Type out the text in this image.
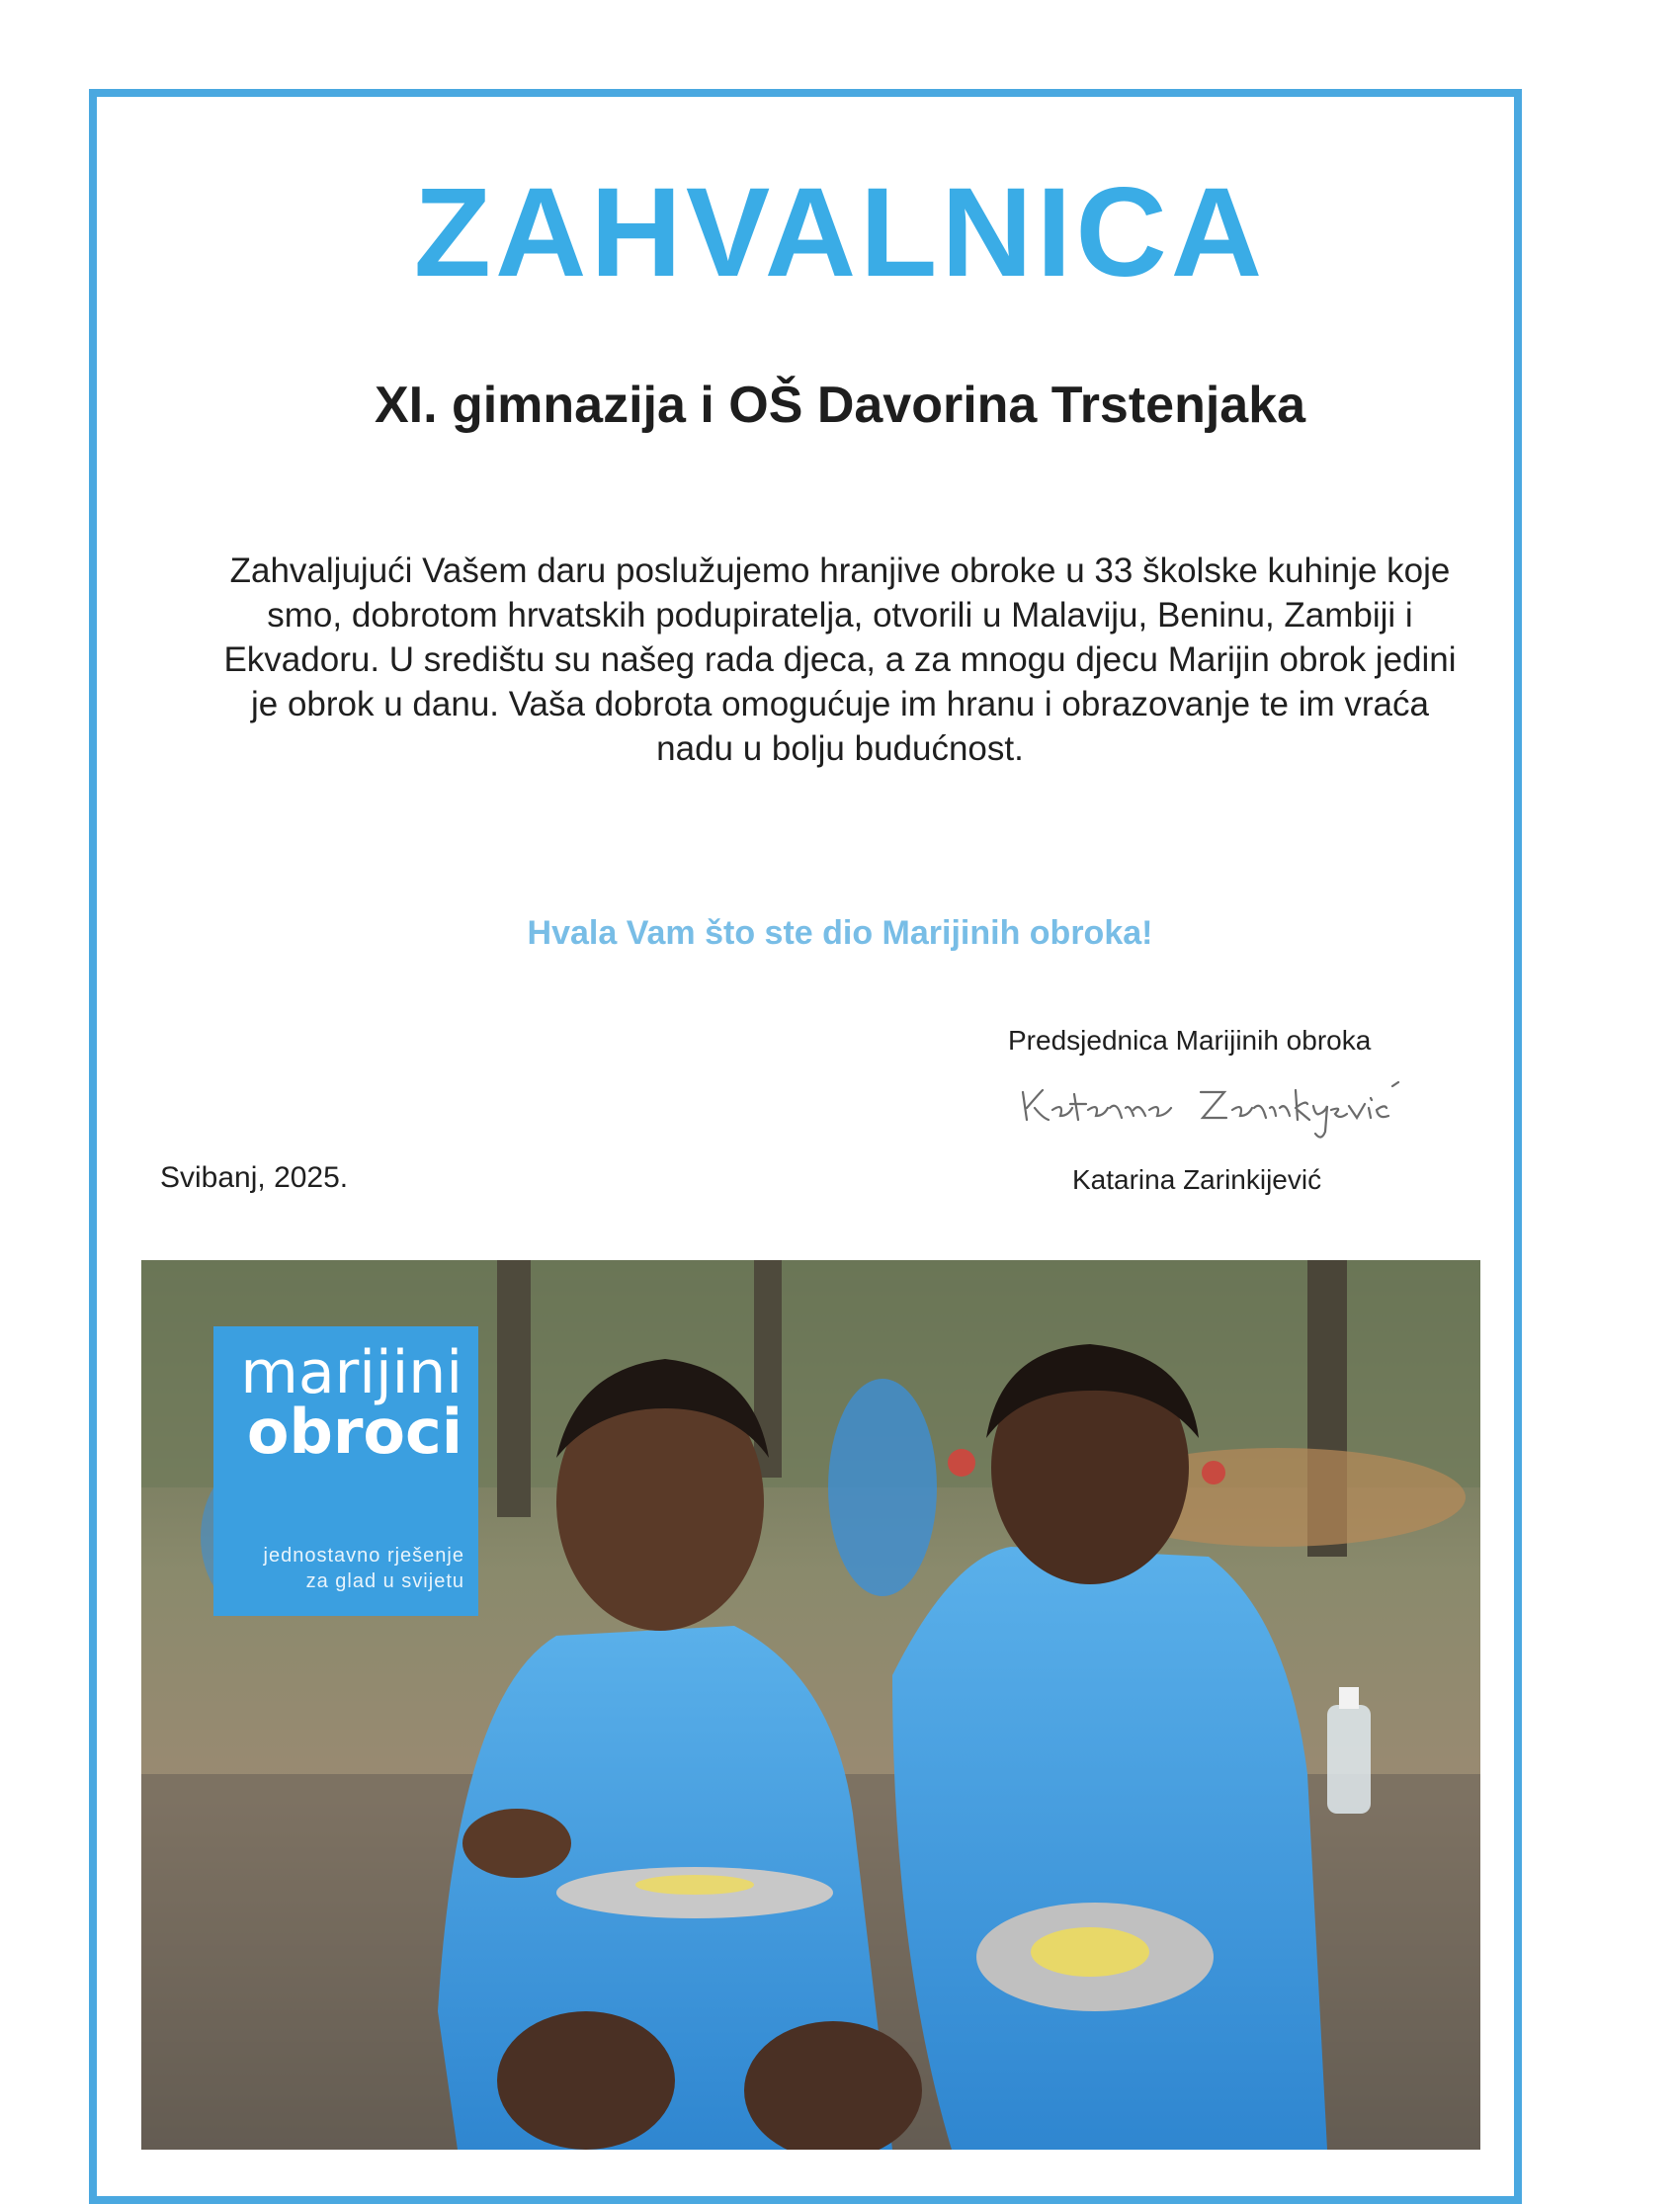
ZAHVALNICA
XI. gimnazija i OŠ Davorina Trstenjaka
Zahvaljujući Vašem daru poslužujemo hranjive obroke u 33 školske kuhinje koje smo, dobrotom hrvatskih podupiratelja, otvorili u Malaviju, Beninu, Zambiji i Ekvadoru. U središtu su našeg rada djeca, a za mnogu djecu Marijin obrok jedini je obrok u danu. Vaša dobrota omogućuje im hranu i obrazovanje te im vraća nadu u bolju budućnost.
Hvala Vam što ste dio Marijinih obroka!
Predsjednica Marijinih obroka
Svibanj, 2025.	Katarina Zarinkijević
marijini
obroci
jednostavno rješenje
za glad u svijetu
